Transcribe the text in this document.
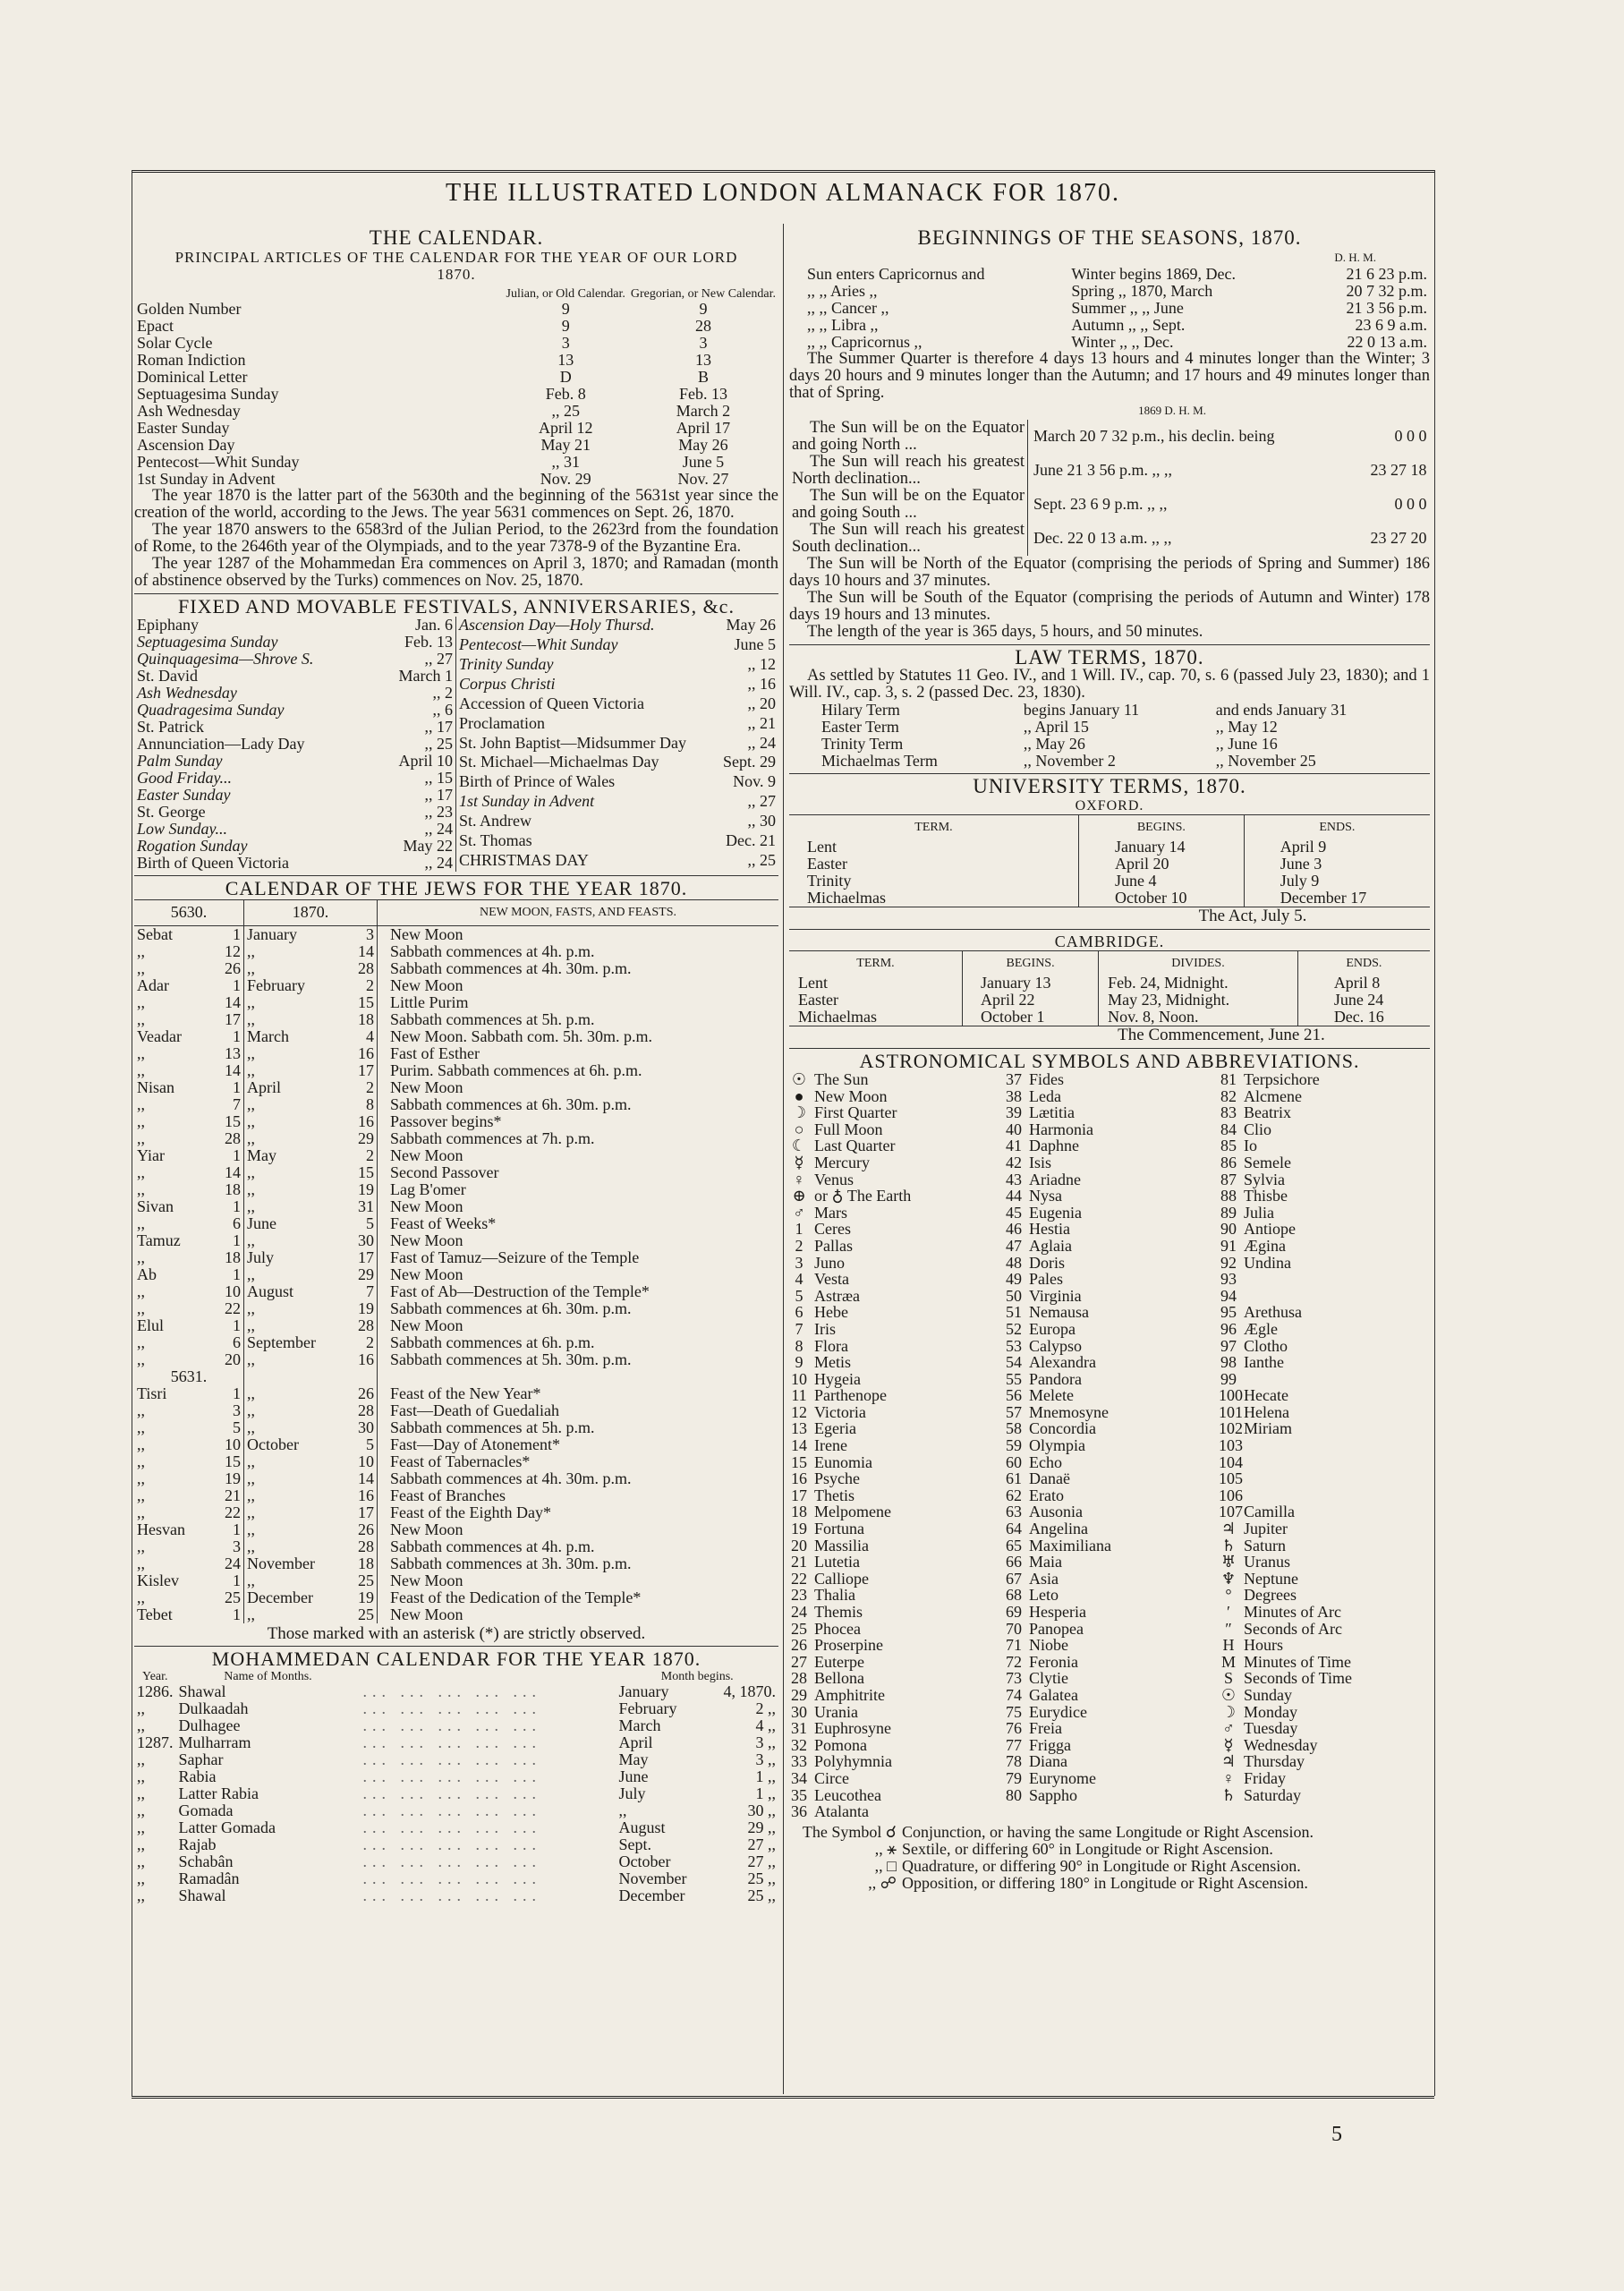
THE ILLUSTRATED LONDON ALMANACK FOR 1870.
THE CALENDAR.
PRINCIPAL ARTICLES OF THE CALENDAR FOR THE YEAR OF OUR LORD 1870.
	Julian, or Old Calendar.	Gregorian, or New Calendar.
Golden Number	9	9
Epact	9	28
Solar Cycle	3	3
Roman Indiction	13	13
Dominical Letter	D	B
Septuagesima Sunday	Feb. 8	Feb. 13
Ash Wednesday	,, 25	March 2
Easter Sunday	April 12	April 17
Ascension Day	May 21	May 26
Pentecost—Whit Sunday	,, 31	June 5
1st Sunday in Advent	Nov. 29	Nov. 27
The year 1870 is the latter part of the 5630th and the beginning of the 5631st year since the creation of the world, according to the Jews. The year 5631 commences on Sept. 26, 1870.
The year 1870 answers to the 6583rd of the Julian Period, to the 2623rd from the foundation of Rome, to the 2646th year of the Olympiads, and to the year 7378-9 of the Byzantine Era.
The year 1287 of the Mohammedan Era commences on April 3, 1870; and Ramadan (month of abstinence observed by the Turks) commences on Nov. 25, 1870.
FIXED AND MOVABLE FESTIVALS, ANNIVERSARIES, &c.
Epiphany	Jan. 6
Septuagesima Sunday	Feb. 13
Quinquagesima—Shrove S.	,, 27
St. David	March 1
Ash Wednesday	,, 2
Quadragesima Sunday	,, 6
St. Patrick	,, 17
Annunciation—Lady Day	,, 25
Palm Sunday	April 10
Good Friday...	,, 15
Easter Sunday	,, 17
St. George	,, 23
Low Sunday...	,, 24
Rogation Sunday	May 22
Birth of Queen Victoria	,, 24
Ascension Day—Holy Thursd.	May 26
Pentecost—Whit Sunday	June 5
Trinity Sunday	,, 12
Corpus Christi	,, 16
Accession of Queen Victoria	,, 20
Proclamation	,, 21
St. John Baptist—Midsummer Day	,, 24
St. Michael—Michaelmas Day	Sept. 29
Birth of Prince of Wales	Nov. 9
1st Sunday in Advent	,, 27
St. Andrew	,, 30
St. Thomas	Dec. 21
CHRISTMAS DAY	,, 25
CALENDAR OF THE JEWS FOR THE YEAR 1870.
5630.		1870.		NEW MOON, FASTS, AND FEASTS.
Sebat	1	January	3	New Moon
,,	12	,,	14	Sabbath commences at 4h. p.m.
,,	26	,,	28	Sabbath commences at 4h. 30m. p.m.
Adar	1	February	2	New Moon
,,	14	,,	15	Little Purim
,,	17	,,	18	Sabbath commences at 5h. p.m.
Veadar	1	March	4	New Moon. Sabbath com. 5h. 30m. p.m.
,,	13	,,	16	Fast of Esther
,,	14	,,	17	Purim. Sabbath commences at 6h. p.m.
Nisan	1	April	2	New Moon
,,	7	,,	8	Sabbath commences at 6h. 30m. p.m.
,,	15	,,	16	Passover begins*
,,	28	,,	29	Sabbath commences at 7h. p.m.
Yiar	1	May	2	New Moon
,,	14	,,	15	Second Passover
,,	18	,,	19	Lag B'omer
Sivan	1	,,	31	New Moon
,,	6	June	5	Feast of Weeks*
Tamuz	1	,,	30	New Moon
,,	18	July	17	Fast of Tamuz—Seizure of the Temple
Ab	1	,,	29	New Moon
,,	10	August	7	Fast of Ab—Destruction of the Temple*
,,	22	,,	19	Sabbath commences at 6h. 30m. p.m.
Elul	1	,,	28	New Moon
,,	6	September	2	Sabbath commences at 6h. p.m.
,,	20	,,	16	Sabbath commences at 5h. 30m. p.m.
5631.				
Tisri	1	,,	26	Feast of the New Year*
,,	3	,,	28	Fast—Death of Guedaliah
,,	5	,,	30	Sabbath commences at 5h. p.m.
,,	10	October	5	Fast—Day of Atonement*
,,	15	,,	10	Feast of Tabernacles*
,,	19	,,	14	Sabbath commences at 4h. 30m. p.m.
,,	21	,,	16	Feast of Branches
,,	22	,,	17	Feast of the Eighth Day*
Hesvan	1	,,	26	New Moon
,,	3	,,	28	Sabbath commences at 4h. p.m.
,,	24	November	18	Sabbath commences at 3h. 30m. p.m.
Kislev	1	,,	25	New Moon
,,	25	December	19	Feast of the Dedication of the Temple*
Tebet	1	,,	25	New Moon
Those marked with an asterisk (*) are strictly observed.
MOHAMMEDAN CALENDAR FOR THE YEAR 1870.
Year.	Name of Months.		Month begins.	
1286.	Shawal	... ... ... ... ...	January	4, 1870.
,,	Dulkaadah	... ... ... ... ...	February	2 ,,
,,	Dulhagee	... ... ... ... ...	March	4 ,,
1287.	Mulharram	... ... ... ... ...	April	3 ,,
,,	Saphar	... ... ... ... ...	May	3 ,,
,,	Rabia	... ... ... ... ...	June	1 ,,
,,	Latter Rabia	... ... ... ... ...	July	1 ,,
,,	Gomada	... ... ... ... ...	,,	30 ,,
,,	Latter Gomada	... ... ... ... ...	August	29 ,,
,,	Rajab	... ... ... ... ...	Sept.	27 ,,
,,	Schabân	... ... ... ... ...	October	27 ,,
,,	Ramadân	... ... ... ... ...	November	25 ,,
,,	Shawal	... ... ... ... ...	December	25 ,,
BEGINNINGS OF THE SEASONS, 1870.
D. H. M.
Sun enters Capricornus and	Winter begins 1869, Dec.	21 6 23 p.m.
,, ,, Aries ,,	Spring ,, 1870, March	20 7 32 p.m.
,, ,, Cancer ,,	Summer ,, ,, June	21 3 56 p.m.
,, ,, Libra ,,	Autumn ,, ,, Sept.	23 6 9 a.m.
,, ,, Capricornus ,,	Winter ,, ,, Dec.	22 0 13 a.m.
The Summer Quarter is therefore 4 days 13 hours and 4 minutes longer than the Winter; 3 days 20 hours and 9 minutes longer than the Autumn; and 17 hours and 49 minutes longer than that of Spring.
1869 D. H. M.
The Sun will be on the Equator and going North ...	March 20 7 32 p.m., his declin. being	0 0 0
The Sun will reach his greatest North declination...	June 21 3 56 p.m. ,, ,,	23 27 18
The Sun will be on the Equator and going South ...	Sept. 23 6 9 p.m. ,, ,,	0 0 0
The Sun will reach his greatest South declination...	Dec. 22 0 13 a.m. ,, ,,	23 27 20
The Sun will be North of the Equator (comprising the periods of Spring and Summer) 186 days 10 hours and 37 minutes.
The Sun will be South of the Equator (comprising the periods of Autumn and Winter) 178 days 19 hours and 13 minutes.
The length of the year is 365 days, 5 hours, and 50 minutes.
LAW TERMS, 1870.
As settled by Statutes 11 Geo. IV., and 1 Will. IV., cap. 70, s. 6 (passed July 23, 1830); and 1 Will. IV., cap. 3, s. 2 (passed Dec. 23, 1830).
Hilary Term	begins January 11	and ends January 31
Easter Term	,, April 15	,, May 12
Trinity Term	,, May 26	,, June 16
Michaelmas Term	,, November 2	,, November 25
UNIVERSITY TERMS, 1870.
OXFORD.
TERM.	BEGINS.	ENDS.
Lent	January 14	April 9
Easter	April 20	June 3
Trinity	June 4	July 9
Michaelmas	October 10	December 17
The Act, July 5.
CAMBRIDGE.
TERM.	BEGINS.	DIVIDES.	ENDS.
Lent	January 13	Feb. 24, Midnight.	April 8
Easter	April 22	May 23, Midnight.	June 24
Michaelmas	October 1	Nov. 8, Noon.	Dec. 16
The Commencement, June 21.
ASTRONOMICAL SYMBOLS AND ABBREVIATIONS.
☉ The Sun
● New Moon
☽ First Quarter
○ Full Moon
☾ Last Quarter
☿ Mercury
♀ Venus
⊕ or ♁ The Earth
♂ Mars
1 Ceres
2 Pallas
3 Juno
4 Vesta
5 Astræa
6 Hebe
7 Iris
8 Flora
9 Metis
10 Hygeia
11 Parthenope
12 Victoria
13 Egeria
14 Irene
15 Eunomia
16 Psyche
17 Thetis
18 Melpomene
19 Fortuna
20 Massilia
21 Lutetia
22 Calliope
23 Thalia
24 Themis
25 Phocea
26 Proserpine
27 Euterpe
28 Bellona
29 Amphitrite
30 Urania
31 Euphrosyne
32 Pomona
33 Polyhymnia
34 Circe
35 Leucothea
36 Atalanta
37 Fides
38 Leda
39 Lætitia
40 Harmonia
41 Daphne
42 Isis
43 Ariadne
44 Nysa
45 Eugenia
46 Hestia
47 Aglaia
48 Doris
49 Pales
50 Virginia
51 Nemausa
52 Europa
53 Calypso
54 Alexandra
55 Pandora
56 Melete
57 Mnemosyne
58 Concordia
59 Olympia
60 Echo
61 Danaë
62 Erato
63 Ausonia
64 Angelina
65 Maximiliana
66 Maia
67 Asia
68 Leto
69 Hesperia
70 Panopea
71 Niobe
72 Feronia
73 Clytie
74 Galatea
75 Eurydice
76 Freia
77 Frigga
78 Diana
79 Eurynome
80 Sappho
81 Terpsichore
82 Alcmene
83 Beatrix
84 Clio
85 Io
86 Semele
87 Sylvia
88 Thisbe
89 Julia
90 Antiope
91 Ægina
92 Undina
93
94
95 Arethusa
96 Ægle
97 Clotho
98 Ianthe
99
100Hecate
101Helena
102Miriam
103
104
105
106
107Camilla
♃ Jupiter
♄ Saturn
♅ Uranus
♆ Neptune
° Degrees
′ Minutes of Arc
″ Seconds of Arc
H Hours
M Minutes of Time
S Seconds of Time
☉ Sunday
☽ Monday
♂ Tuesday
☿ Wednesday
♃ Thursday
♀ Friday
♄ Saturday
The Symbol ☌ Conjunction, or having the same Longitude or Right Ascension.
,, ⚹ Sextile, or differing 60° in Longitude or Right Ascension.
,, □ Quadrature, or differing 90° in Longitude or Right Ascension.
,, ☍ Opposition, or differing 180° in Longitude or Right Ascension.
5
